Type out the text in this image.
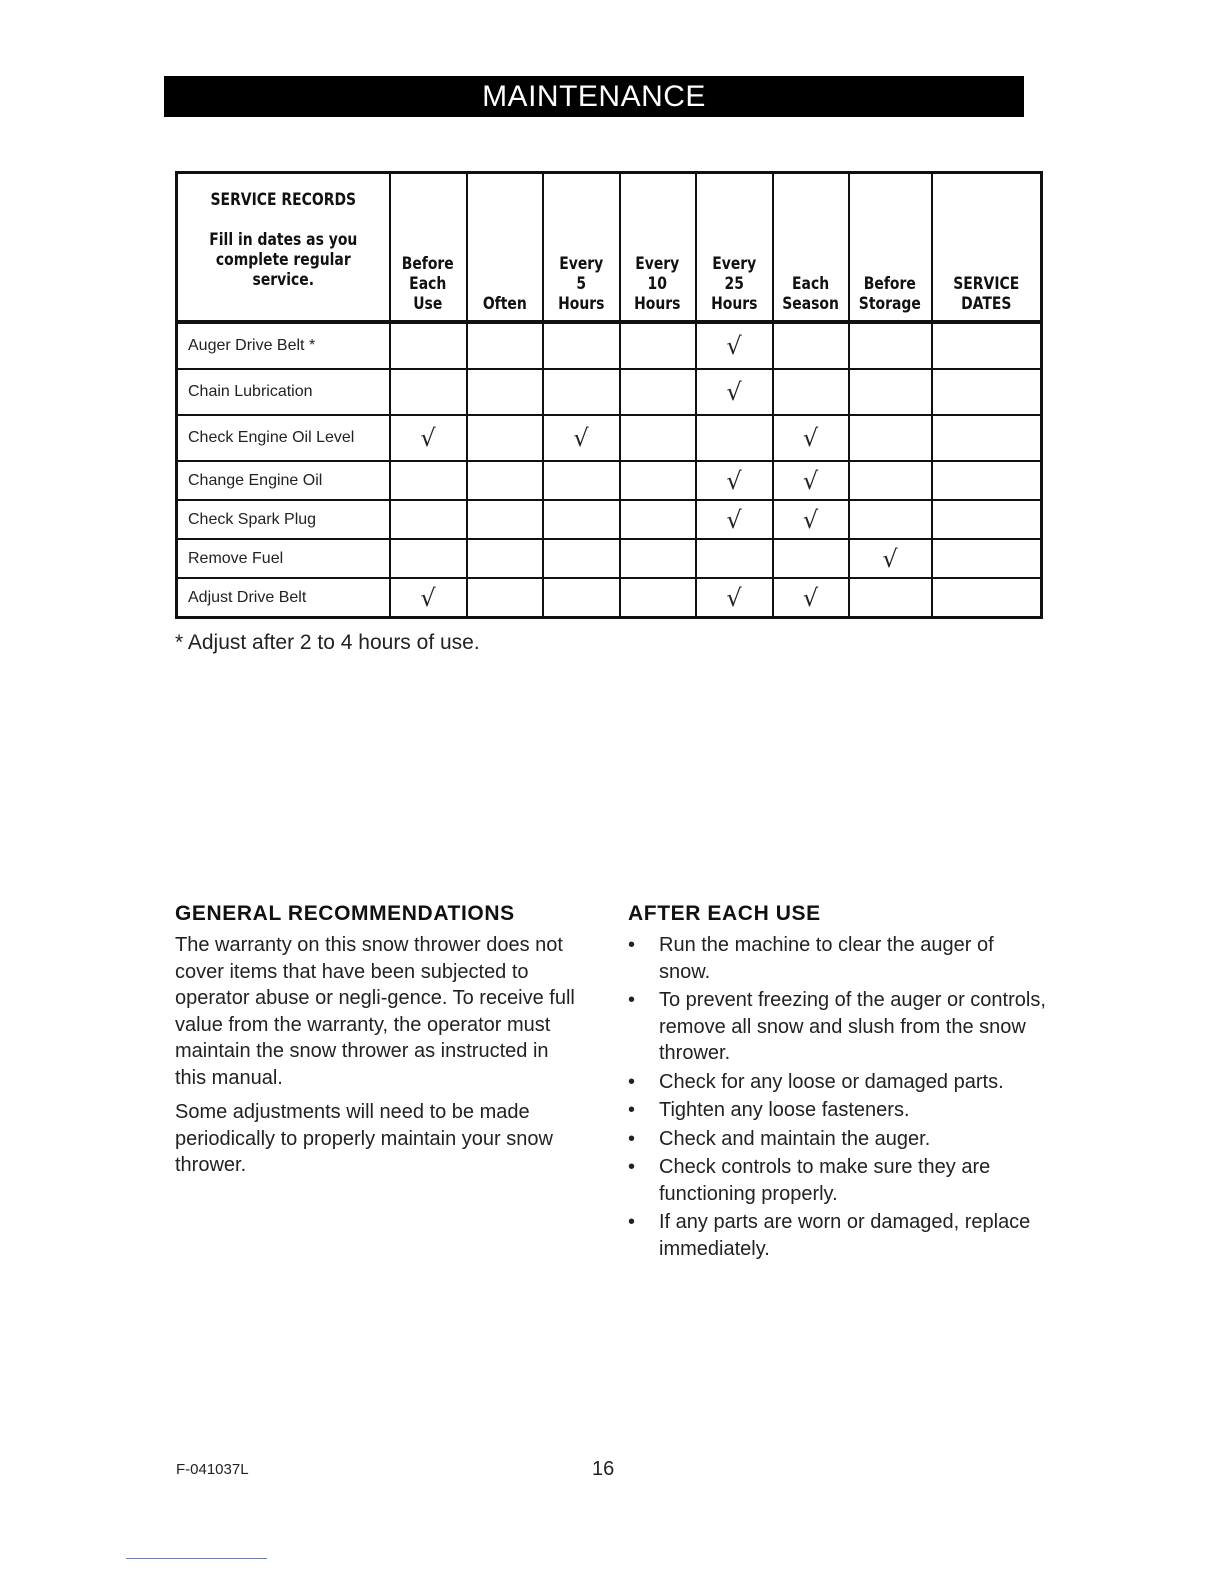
MAINTENANCE
SERVICE RECORDS
Fill in dates as you
complete regular
service.	Before
Each
Use	Often	Every
5
Hours	Every
10
Hours	Every
25
Hours	Each
Season	Before
Storage	SERVICE
DATES

Auger Drive Belt *					√			
Chain Lubrication					√			
Check Engine Oil Level	√		√			√		
Change Engine Oil					√	√		
Check Spark Plug					√	√		
Remove Fuel							√	
Adjust Drive Belt	√				√	√		
* Adjust after 2 to 4 hours of use.
GENERAL RECOMMENDATIONS

The warranty on this snow thrower does not cover items that have been subjected to operator abuse or negli-gence. To receive full value from the warranty, the operator must maintain the snow thrower as instructed in this manual.

Some adjustments will need to be made periodically to properly maintain your snow thrower.

AFTER EACH USE
• Run the machine to clear the auger of snow.
• To prevent freezing of the auger or controls, remove all snow and slush from the snow thrower.
• Check for any loose or damaged parts.
• Tighten any loose fasteners.
• Check and maintain the auger.
• Check controls to make sure they are functioning properly.
• If any parts are worn or damaged, replace immediately.
F-041037L	16
